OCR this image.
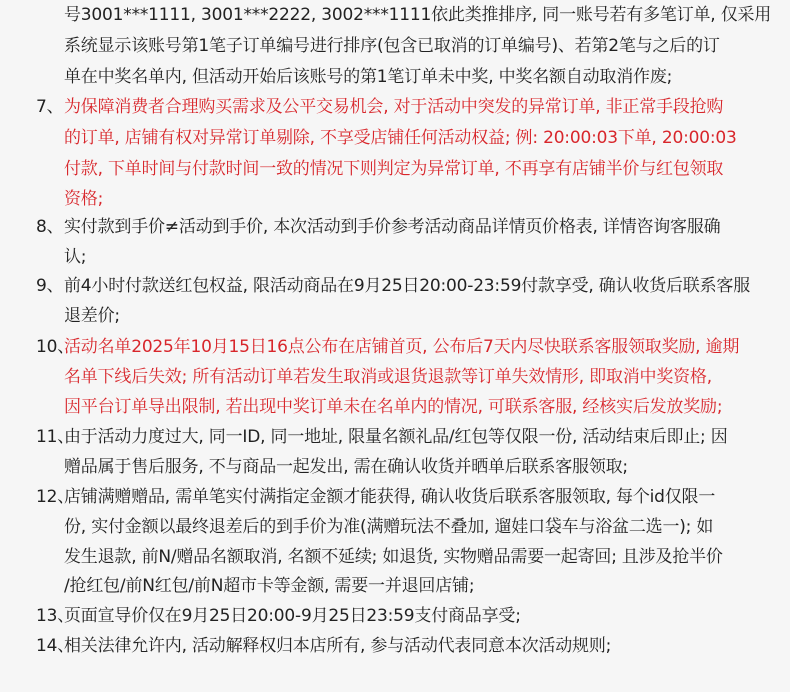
号3001***1111, 3001***2222, 3002***1111依此类推排序, 同一账号若有多笔订单, 仅采用
系统显示该账号第1笔子订单编号进行排序(包含已取消的订单编号)、若第2笔与之后的订
单在中奖名单内, 但活动开始后该账号的第1笔订单未中奖, 中奖名额自动取消作废;
7、 为保障消费者合理购买需求及公平交易机会, 对于活动中突发的异常订单, 非正常手段抢购
的订单, 店铺有权对异常订单剔除, 不享受店铺任何活动权益; 例: 20:00:03下单, 20:00:03
付款, 下单时间与付款时间一致的情况下则判定为异常订单, 不再享有店铺半价与红包领取
资格;
8、 实付款到手价≠活动到手价, 本次活动到手价参考活动商品详情页价格表, 详情咨询客服确
认;
9、 前4小时付款送红包权益, 限活动商品在9月25日20:00-23:59付款享受, 确认收货后联系客服
退差价;
10、
活动名单2025年10月15日16点公布在店铺首页, 公布后7天内尽快联系客服领取奖励, 逾期
名单下线后失效; 所有活动订单若发生取消或退货退款等订单失效情形, 即取消中奖资格,
因平台订单导出限制, 若出现中奖订单未在名单内的情况, 可联系客服, 经核实后发放奖励;
11、
由于活动力度过大, 同一ID, 同一地址, 限量名额礼品/红包等仅限一份, 活动结束后即止; 因
赠品属于售后服务, 不与商品一起发出, 需在确认收货并晒单后联系客服领取;
12、
店铺满赠赠品, 需单笔实付满指定金额才能获得, 确认收货后联系客服领取, 每个id仅限一
份, 实付金额以最终退差后的到手价为准(满赠玩法不叠加, 遛娃口袋车与浴盆二选一); 如
发生退款, 前N/赠品名额取消, 名额不延续; 如退货, 实物赠品需要一起寄回; 且涉及抢半价
/抢红包/前N红包/前N超市卡等金额, 需要一并退回店铺;
13、
页面宣导价仅在9月25日20:00-9月25日23:59支付商品享受;
14、
相关法律允许内, 活动解释权归本店所有, 参与活动代表同意本次活动规则;
